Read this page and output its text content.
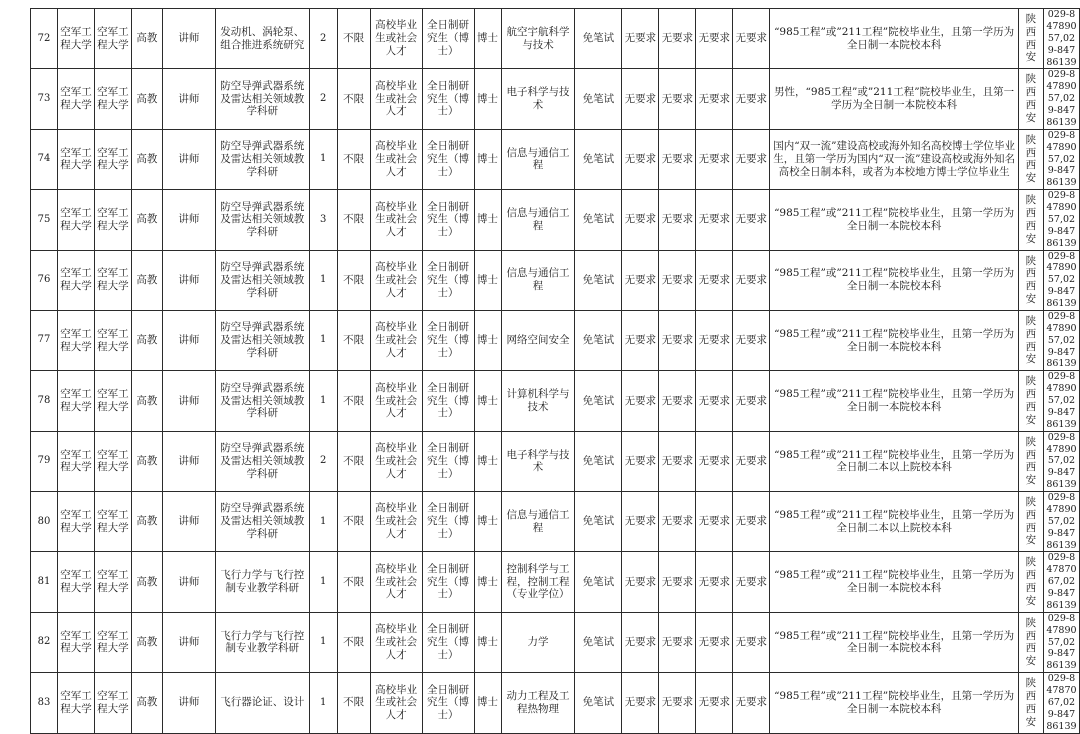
72	空军工程大学	空军工程大学	高教	讲师	发动机、涡轮泵、组合推进系统研究	2	不限	高校毕业生或社会人才	全日制研究生（博士）	博士	航空宇航科学与技术	免笔试	无要求	无要求	无要求	无要求	“985工程”或”211工程”院校毕业生，且第一学历为全日制一本院校本科	陕西西安	029-84789057,029-84786139
73	空军工程大学	空军工程大学	高教	讲师	防空导弹武器系统及雷达相关领域教学科研	2	不限	高校毕业生或社会人才	全日制研究生（博士）	博士	电子科学与技术	免笔试	无要求	无要求	无要求	无要求	男性，“985工程”或”211工程”院校毕业生，且第一学历为全日制一本院校本科	陕西西安	029-84789057,029-84786139
74	空军工程大学	空军工程大学	高教	讲师	防空导弹武器系统及雷达相关领域教学科研	1	不限	高校毕业生或社会人才	全日制研究生（博士）	博士	信息与通信工程	免笔试	无要求	无要求	无要求	无要求	国内“双一流”建设高校或海外知名高校博士学位毕业生，且第一学历为国内“双一流”建设高校或海外知名高校全日制本科，或者为本校地方博士学位毕业生	陕西西安	029-84789057,029-84786139
75	空军工程大学	空军工程大学	高教	讲师	防空导弹武器系统及雷达相关领域教学科研	3	不限	高校毕业生或社会人才	全日制研究生（博士）	博士	信息与通信工程	免笔试	无要求	无要求	无要求	无要求	“985工程”或”211工程”院校毕业生，且第一学历为全日制一本院校本科	陕西西安	029-84789057,029-84786139
76	空军工程大学	空军工程大学	高教	讲师	防空导弹武器系统及雷达相关领域教学科研	1	不限	高校毕业生或社会人才	全日制研究生（博士）	博士	信息与通信工程	免笔试	无要求	无要求	无要求	无要求	“985工程”或”211工程”院校毕业生，且第一学历为全日制一本院校本科	陕西西安	029-84789057,029-84786139
77	空军工程大学	空军工程大学	高教	讲师	防空导弹武器系统及雷达相关领域教学科研	1	不限	高校毕业生或社会人才	全日制研究生（博士）	博士	网络空间安全	免笔试	无要求	无要求	无要求	无要求	“985工程”或”211工程”院校毕业生，且第一学历为全日制一本院校本科	陕西西安	029-84789057,029-84786139
78	空军工程大学	空军工程大学	高教	讲师	防空导弹武器系统及雷达相关领域教学科研	1	不限	高校毕业生或社会人才	全日制研究生（博士）	博士	计算机科学与技术	免笔试	无要求	无要求	无要求	无要求	“985工程”或”211工程”院校毕业生，且第一学历为全日制一本院校本科	陕西西安	029-84789057,029-84786139
79	空军工程大学	空军工程大学	高教	讲师	防空导弹武器系统及雷达相关领域教学科研	2	不限	高校毕业生或社会人才	全日制研究生（博士）	博士	电子科学与技术	免笔试	无要求	无要求	无要求	无要求	“985工程”或”211工程”院校毕业生，且第一学历为全日制二本以上院校本科	陕西西安	029-84789057,029-84786139
80	空军工程大学	空军工程大学	高教	讲师	防空导弹武器系统及雷达相关领域教学科研	1	不限	高校毕业生或社会人才	全日制研究生（博士）	博士	信息与通信工程	免笔试	无要求	无要求	无要求	无要求	“985工程”或”211工程”院校毕业生，且第一学历为全日制二本以上院校本科	陕西西安	029-84789057,029-84786139
81	空军工程大学	空军工程大学	高教	讲师	飞行力学与飞行控制专业教学科研	1	不限	高校毕业生或社会人才	全日制研究生（博士）	博士	控制科学与工程，控制工程（专业学位）	免笔试	无要求	无要求	无要求	无要求	“985工程”或”211工程”院校毕业生，且第一学历为全日制一本院校本科	陕西西安	029-84787067,029-84786139
82	空军工程大学	空军工程大学	高教	讲师	飞行力学与飞行控制专业教学科研	1	不限	高校毕业生或社会人才	全日制研究生（博士）	博士	力学	免笔试	无要求	无要求	无要求	无要求	“985工程”或”211工程”院校毕业生，且第一学历为全日制一本院校本科	陕西西安	029-84789057,029-84786139
83	空军工程大学	空军工程大学	高教	讲师	飞行器论证、设计	1	不限	高校毕业生或社会人才	全日制研究生（博士）	博士	动力工程及工程热物理	免笔试	无要求	无要求	无要求	无要求	“985工程”或”211工程”院校毕业生，且第一学历为全日制一本院校本科	陕西西安	029-84787067,029-84786139
